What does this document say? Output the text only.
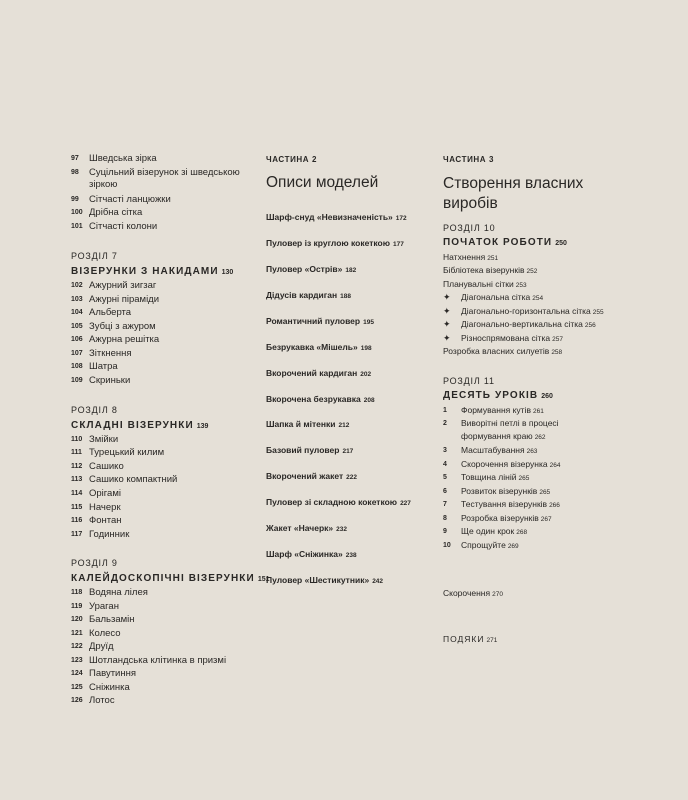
97 Шведська зірка
98 Суцільний візерунок зі шведською зіркою
99 Сітчасті ланцюжки
100 Дрібна сітка
101 Сітчасті колони
РОЗДІЛ 7
ВІЗЕРУНКИ З НАКИДАМИ 130
102 Ажурний зигзаг
103 Ажурні піраміди
104 Альберта
105 Зубці з ажуром
106 Ажурна решітка
107 Зіткнення
108 Шатра
109 Скриньки
РОЗДІЛ 8
СКЛАДНІ ВІЗЕРУНКИ 139
110 Змійки
111 Турецький килим
112 Сашико
113 Сашико компактний
114 Орігамі
115 Начерк
116 Фонтан
117 Годинник
РОЗДІЛ 9
КАЛЕЙДОСКОПІЧНІ ВІЗЕРУНКИ 151
118 Водяна лілея
119 Ураган
120 Бальзамін
121 Колесо
122 Друїд
123 Шотландська клітинка в призмі
124 Павутиння
125 Сніжинка
126 Лотос
ЧАСТИНА 2
Описи моделей
Шарф-снуд «Невизначеність» 172
Пуловер із круглою кокеткою 177
Пуловер «Острів» 182
Дідусів кардиган 188
Романтичний пуловер 195
Безрукавка «Мішель» 198
Вкорочений кардиган 202
Вкорочена безрукавка 208
Шапка й мітенки 212
Базовий пуловер 217
Вкорочений жакет 222
Пуловер зі складною кокеткою 227
Жакет «Начерк» 232
Шарф «Сніжинка» 238
Пуловер «Шестикутник» 242
ЧАСТИНА 3
Створення власних
виробів
РОЗДІЛ 10
ПОЧАТОК РОБОТИ 250
Натхнення 251
Бібліотека візерунків 252
Планувальні сітки 253
✦ Діагональна сітка 254
✦ Діагонально-горизонтальна сітка 255
✦ Діагонально-вертикальна сітка 256
✦ Різноспрямована сітка 257
Розробка власних силуетів 258
РОЗДІЛ 11
ДЕСЯТЬ УРОКІВ 260
1 Формування кутів 261
2 Виворітні петлі в процесі
формування краю 262
3 Масштабування 263
4 Скорочення візерунка 264
5 Товщина ліній 265
6 Розвиток візерунків 265
7 Тестування візерунків 266
8 Розробка візерунків 267
9 Ще один крок 268
10 Спрощуйте 269
Скорочення 270
ПОДЯКИ 271
